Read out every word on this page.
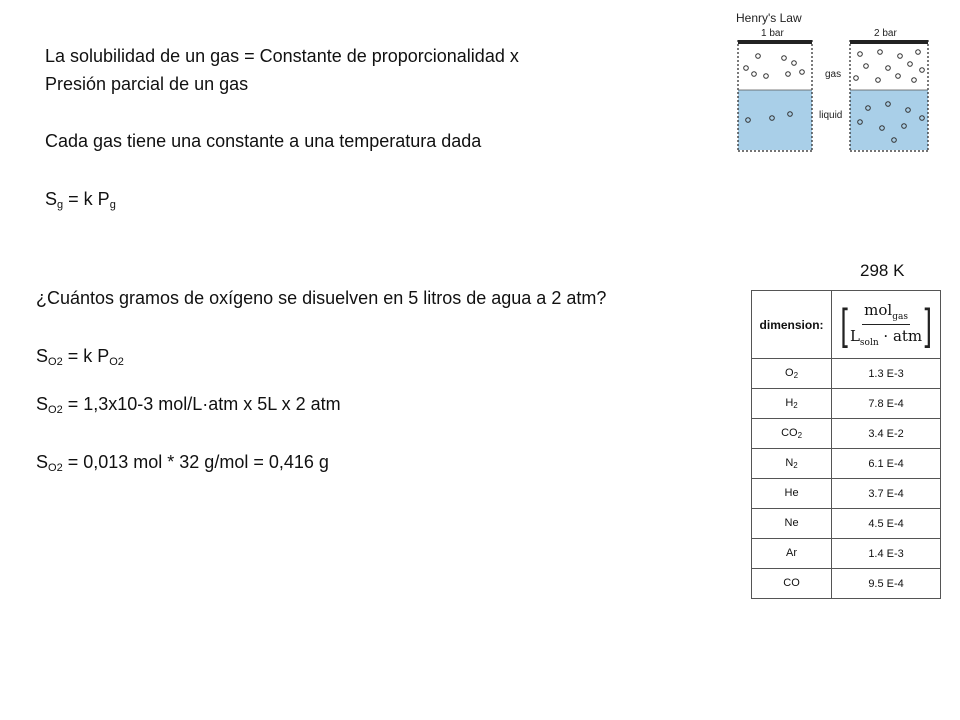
La solubilidad de un gas = Constante de proporcionalidad x
Presión parcial de un gas
Cada gas tiene una constante a una temperatura dada
$S_g = k$ $P_g$
¿Cuántos gramos de oxígeno se disuelven en 5 litros de agua a 2 atm?
$S_{O2} = k$ $P_{O2}$
$S_{O2} = 1,3x10-3$ mol/L·atm x 5L x 2 atm
$S_{O2} = 0,013$ mol * 32 g/mol = 0,416 g
Henry's Law
1 bar	2 bar
gas
liquid
298 K
dimension:	[ $\frac{mol_{gas}}{L_{soln} \cdot atm}$ ]

$O_2$	1.3 E-3
$H_2$	7.8 E-4
$CO_2$	3.4 E-2
$N_2$	6.1 E-4
He	3.7 E-4
Ne	4.5 E-4
Ar	1.4 E-3
CO	9.5 E-4
